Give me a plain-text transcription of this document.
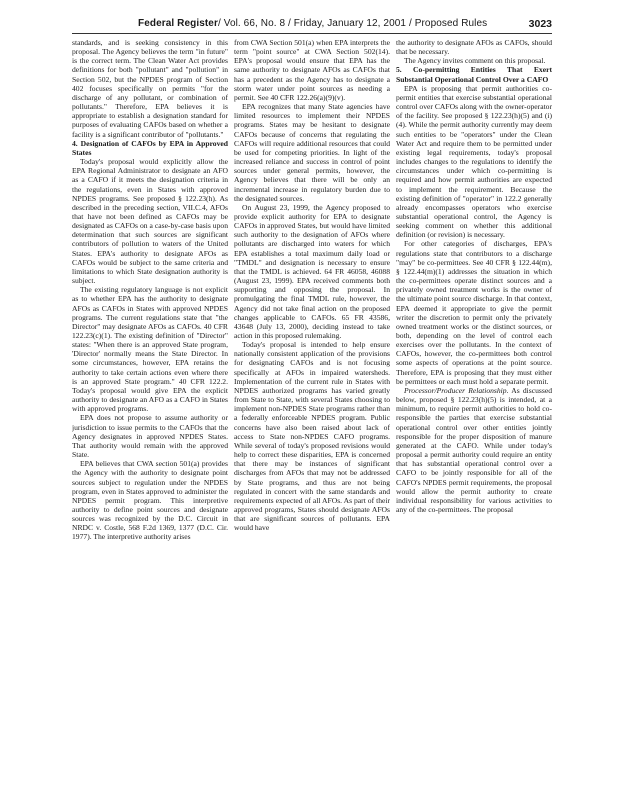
Federal Register/ Vol. 66, No. 8 / Friday, January 12, 2001 / Proposed Rules	3023

standards, and is seeking consistency in this proposal. The Agency believes the term "in future" is the correct term. The Clean Water Act provides definitions for both "pollutant" and "pollution" in Section 502, but the NPDES program of Section 402 focuses specifically on permits "for the discharge of any pollutant, or combination of pollutants." Therefore, EPA believes it is appropriate to establish a designation standard for purposes of evaluating CAFOs based on whether a facility is a significant contributor of "pollutants."

4. Designation of CAFOs by EPA in Approved States

Today's proposal would explicitly allow the EPA Regional Administrator to designate an AFO as a CAFO if it meets the designation criteria in the regulations, even in States with approved NPDES programs. See proposed § 122.23(h). As described in the preceding section, VII.C.4, AFOs that have not been defined as CAFOs may be designated as CAFOs on a case-by-case basis upon determination that such sources are significant contributors of pollution to waters of the United States. EPA's authority to designate AFOs as CAFOs would be subject to the same criteria and limitations to which State designation authority is subject.

The existing regulatory language is not explicit as to whether EPA has the authority to designate AFOs as CAFOs in States with approved NPDES programs. The current regulations state that "the Director" may designate AFOs as CAFOs. 40 CFR 122.23(c)(1). The existing definition of "Director" states: "When there is an approved State program, 'Director' normally means the State Director. In some circumstances, however, EPA retains the authority to take certain actions even where there is an approved State program." 40 CFR 122.2. Today's proposal would give EPA the explicit authority to designate an AFO as a CAFO in States with approved programs.

EPA does not propose to assume authority or jurisdiction to issue permits to the CAFOs that the Agency designates in approved NPDES States. That authority would remain with the approved State.

EPA believes that CWA section 501(a) provides the Agency with the authority to designate point sources subject to regulation under the NPDES program, even in States approved to administer the NPDES permit program. This interpretive authority to define point sources and designate sources was recognized by the D.C. Circuit in NRDC v. Costle, 568 F.2d 1369, 1377 (D.C. Cir. 1977). The interpretive authority arises

from CWA Section 501(a) when EPA interprets the term "point source" at CWA Section 502(14). EPA's proposal would ensure that EPA has the same authority to designate AFOs as CAFOs that has a precedent as the Agency has to designate a storm water under point sources as needing a permit. See 40 CFR 122.26(a)(9)(v).

EPA recognizes that many State agencies have limited resources to implement their NPDES programs. States may be hesitant to designate CAFOs because of concerns that regulating the CAFOs will require additional resources that could be used for competing priorities. In light of the increased reliance and success in control of point sources under general permits, however, the Agency believes that there will be only an incremental increase in regulatory burden due to the designated sources.

On August 23, 1999, the Agency proposed to provide explicit authority for EPA to designate CAFOs in approved States, but would have limited such authority to the designation of AFOs where pollutants are discharged into waters for which EPA establishes a total maximum daily load or "TMDL" and designation is necessary to ensure that the TMDL is achieved. 64 FR 46058, 46088 (August 23, 1999). EPA received comments both supporting and opposing the proposal. In promulgating the final TMDL rule, however, the Agency did not take final action on the proposed changes applicable to CAFOs. 65 FR 43586, 43648 (July 13, 2000), deciding instead to take action in this proposed rulemaking.

Today's proposal is intended to help ensure nationally consistent application of the provisions for designating CAFOs and is not focusing specifically at AFOs in impaired watersheds. Implementation of the current rule in States with NPDES authorized programs has varied greatly from State to State, with several States choosing to implement non-NPDES State programs rather than a federally enforceable NPDES program. Public concerns have also been raised about lack of access to State non-NPDES CAFO programs. While several of today's proposed revisions would help to correct these disparities, EPA is concerned that there may be instances of significant discharges from AFOs that may not be addressed by State programs, and thus are not being regulated in concert with the same standards and requirements expected of all AFOs. As part of their approved programs, States should designate AFOs that are significant sources of pollutants. EPA would have

the authority to designate AFOs as CAFOs, should that be necessary.

The Agency invites comment on this proposal.

5. Co-permitting Entities That Exert Substantial Operational Control Over a CAFO

EPA is proposing that permit authorities co-permit entities that exercise substantial operational control over CAFOs along with the owner-operator of the facility. See proposed § 122.23(h)(5) and (i)(4). While the permit authority currently may deem such entities to be "operators" under the Clean Water Act and require them to be permitted under existing legal requirements, today's proposal includes changes to the regulations to identify the circumstances under which co-permitting is required and how permit authorities are expected to implement the requirement. Because the existing definition of "operator" in 122.2 generally already encompasses operators who exercise substantial operational control, the Agency is seeking comment on whether this additional definition (or revision) is necessary.

For other categories of discharges, EPA's regulations state that contributors to a discharge "may" be co-permittees. See 40 CFR § 122.44(m), § 122.44(m)(1) addresses the situation in which the co-permittees operate distinct sources and a privately owned treatment works is the owner of the ultimate point source discharge. In that context, EPA deemed it appropriate to give the permit writer the discretion to permit only the privately owned treatment works or the distinct sources, or both, depending on the level of control each exercises over the pollutants. In the context of CAFOs, however, the co-permittees both control some aspects of operations at the point source. Therefore, EPA is proposing that they must either be permittees or each must hold a separate permit.

Processor/Producer Relationship. As discussed below, proposed § 122.23(h)(5) is intended, at a minimum, to require permit authorities to hold co-responsible the parties that exercise substantial operational control over other entities jointly responsible for the proper disposition of manure generated at the CAFO. While under today's proposal a permit authority could require an entity that has substantial operational control over a CAFO to be jointly responsible for all of the CAFO's NPDES permit requirements, the proposal would allow the permit authority to create individual responsibility for various activities to any of the co-permittees. The proposal
